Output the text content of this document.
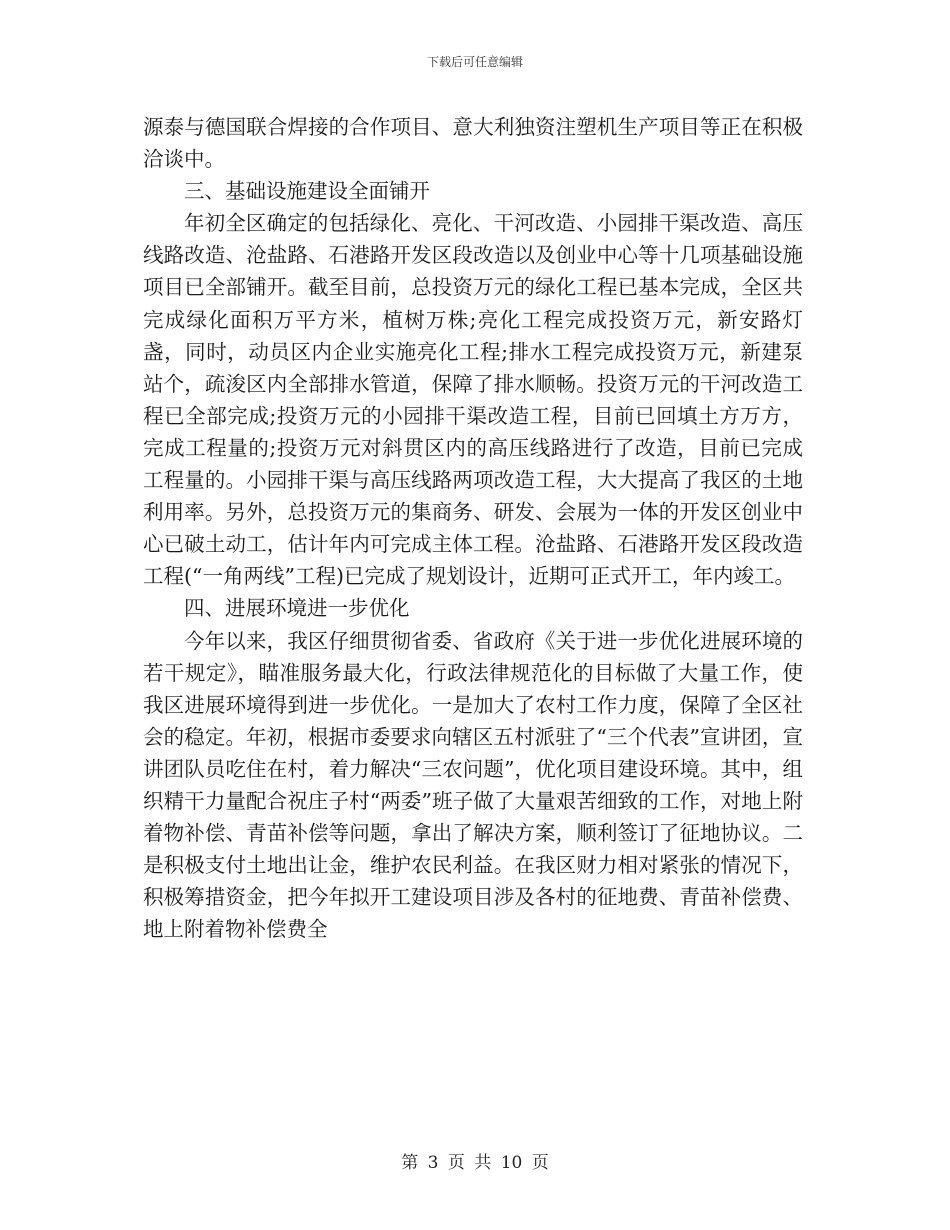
下载后可任意编辑

源泰与德国联合焊接的合作项目、意大利独资注塑机生产项目等正在积极洽谈中。

三、基础设施建设全面铺开

年初全区确定的包括绿化、亮化、干河改造、小园排干渠改造、高压线路改造、沧盐路、石港路开发区段改造以及创业中心等十几项基础设施项目已全部铺开。截至目前，总投资万元的绿化工程已基本完成，全区共完成绿化面积万平方米，植树万株;亮化工程完成投资万元，新安路灯盏，同时，动员区内企业实施亮化工程;排水工程完成投资万元，新建泵站个，疏浚区内全部排水管道，保障了排水顺畅。投资万元的干河改造工程已全部完成;投资万元的小园排干渠改造工程，目前已回填土方万方，完成工程量的;投资万元对斜贯区内的高压线路进行了改造，目前已完成工程量的。小园排干渠与高压线路两项改造工程，大大提高了我区的土地利用率。另外，总投资万元的集商务、研发、会展为一体的开发区创业中心已破土动工，估计年内可完成主体工程。沧盐路、石港路开发区段改造工程(“一角两线”工程)已完成了规划设计，近期可正式开工，年内竣工。

四、进展环境进一步优化

今年以来，我区仔细贯彻省委、省政府《关于进一步优化进展环境的若干规定》，瞄准服务最大化，行政法律规范化的目标做了大量工作，使我区进展环境得到进一步优化。一是加大了农村工作力度，保障了全区社会的稳定。年初，根据市委要求向辖区五村派驻了“三个代表”宣讲团，宣讲团队员吃住在村，着力解决“三农问题”，优化项目建设环境。其中，组织精干力量配合祝庄子村“两委”班子做了大量艰苦细致的工作，对地上附着物补偿、青苗补偿等问题，拿出了解决方案，顺利签订了征地协议。二是积极支付土地出让金，维护农民利益。在我区财力相对紧张的情况下，积极筹措资金，把今年拟开工建设项目涉及各村的征地费、青苗补偿费、地上附着物补偿费全

第 3 页 共 10 页
